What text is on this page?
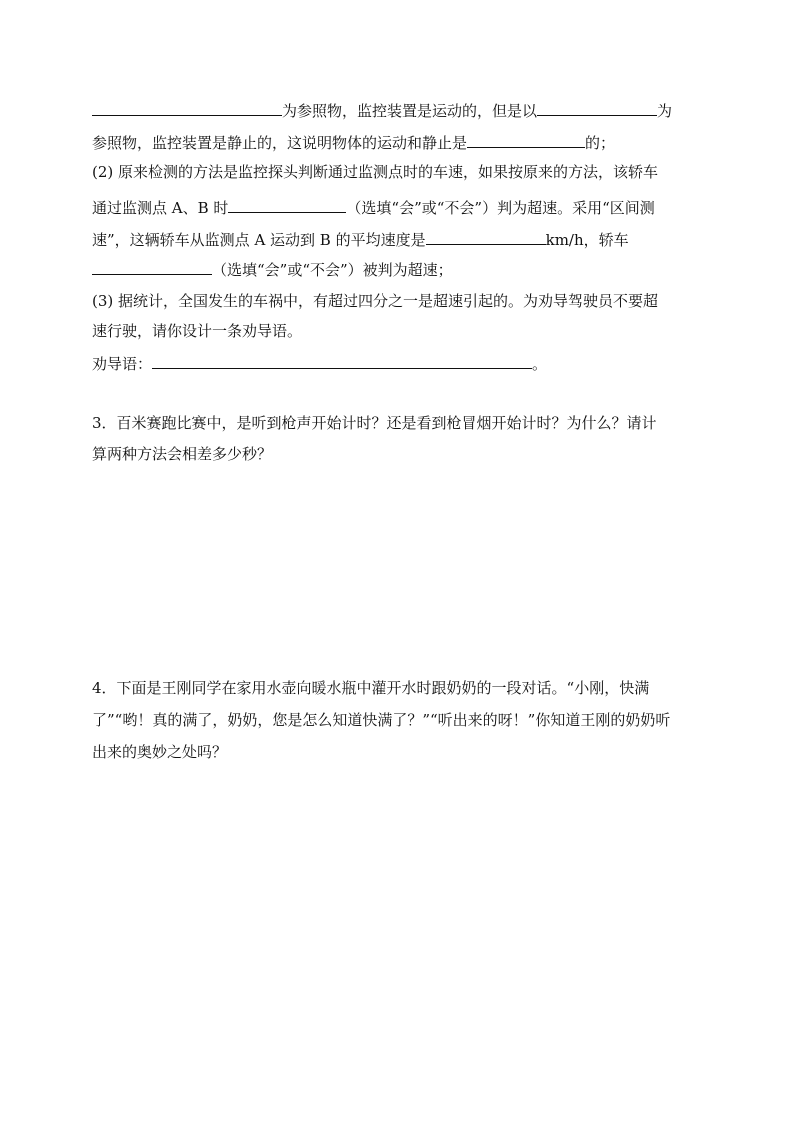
为参照物，监控装置是运动的，但是以	为
参照物，监控装置是静止的，这说明物体的运动和静止是	的；
(2) 原来检测的方法是监控探头判断通过监测点时的车速，如果按原来的方法，该轿车
通过监测点 A、B 时	（选填“会”或“不会”）判为超速。采用“区间测
速”，这辆轿车从监测点 A 运动到 B 的平均速度是	km/h，轿车
（选填“会”或“不会”）被判为超速；
(3) 据统计，全国发生的车祸中，有超过四分之一是超速引起的。为劝导驾驶员不要超
速行驶，请你设计一条劝导语。
劝导语：	。
3．百米赛跑比赛中，是听到枪声开始计时？还是看到枪冒烟开始计时？为什么？请计
算两种方法会相差多少秒？
4．下面是王刚同学在家用水壶向暖水瓶中灌开水时跟奶奶的一段对话。“小刚，快满
了”“哟！真的满了，奶奶，您是怎么知道快满了？”“听出来的呀！”你知道王刚的奶奶听
出来的奥妙之处吗？
